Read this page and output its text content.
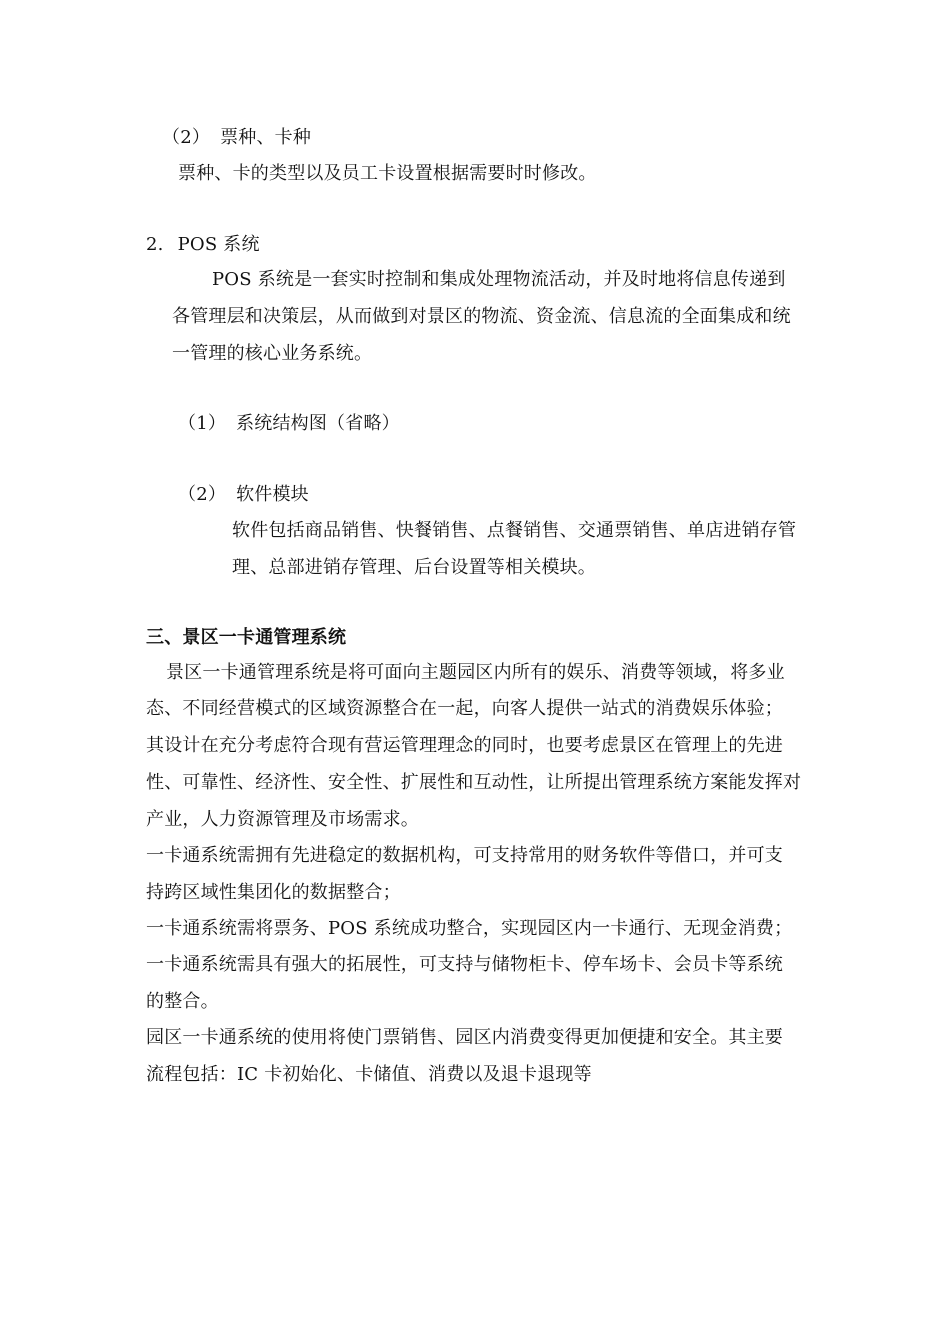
（2） 票种、卡种
票种、卡的类型以及员工卡设置根据需要时时修改。
2. POS 系统
POS 系统是一套实时控制和集成处理物流活动，并及时地将信息传递到
各管理层和决策层，从而做到对景区的物流、资金流、信息流的全面集成和统
一管理的核心业务系统。
（1） 系统结构图（省略）
（2） 软件模块
软件包括商品销售、快餐销售、点餐销售、交通票销售、单店进销存管
理、总部进销存管理、后台设置等相关模块。
三、景区一卡通管理系统
景区一卡通管理系统是将可面向主题园区内所有的娱乐、消费等领域，将多业
态、不同经营模式的区域资源整合在一起，向客人提供一站式的消费娱乐体验；
其设计在充分考虑符合现有营运管理理念的同时，也要考虑景区在管理上的先进
性、可靠性、经济性、安全性、扩展性和互动性，让所提出管理系统方案能发挥对
产业，人力资源管理及市场需求。
一卡通系统需拥有先进稳定的数据机构，可支持常用的财务软件等借口，并可支
持跨区域性集团化的数据整合；
一卡通系统需将票务、POS 系统成功整合，实现园区内一卡通行、无现金消费；
一卡通系统需具有强大的拓展性，可支持与储物柜卡、停车场卡、会员卡等系统
的整合。
园区一卡通系统的使用将使门票销售、园区内消费变得更加便捷和安全。其主要
流程包括：IC 卡初始化、卡储值、消费以及退卡退现等
